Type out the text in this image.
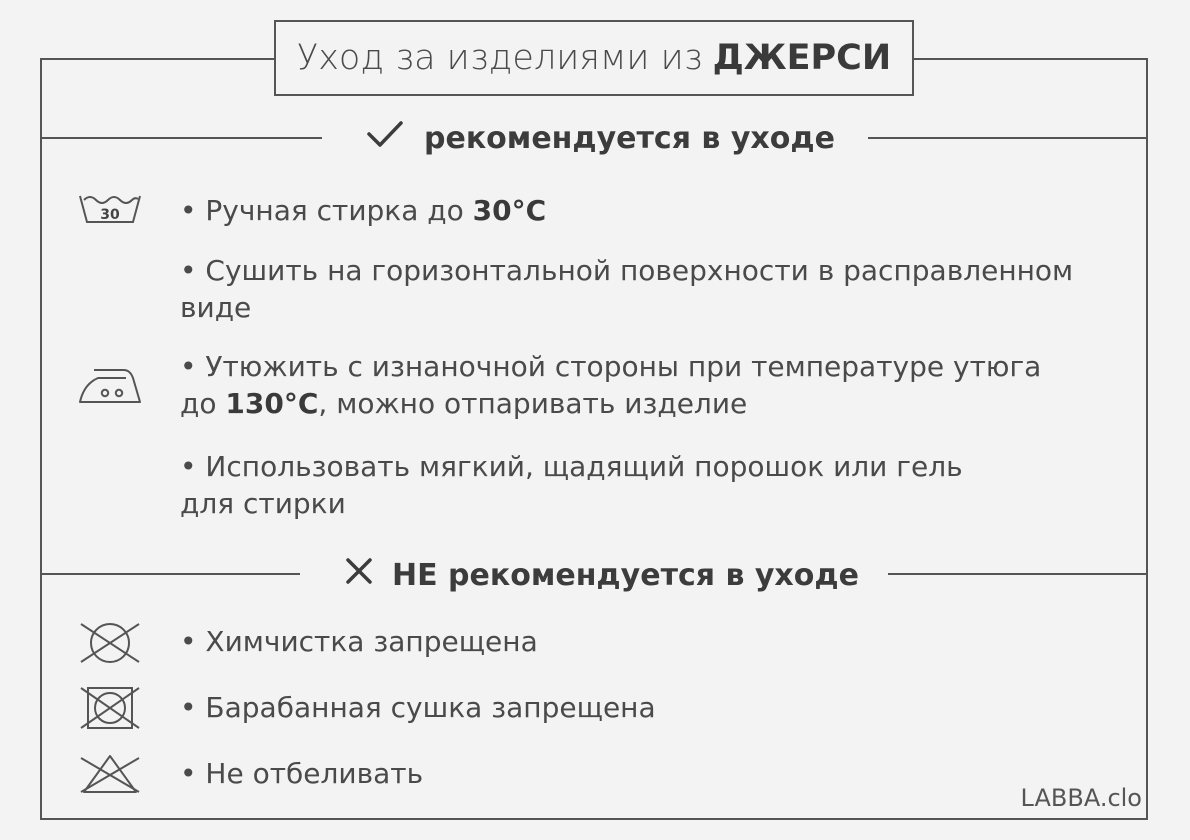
Уход за изделиями из ДЖЕРСИ
рекомендуется в уходе
30 • Ручная стирка до 30°C
• Сушить на горизонтальной поверхности в расправленном
виде
• Утюжить с изнаночной стороны при температуре утюга
до 130°C, можно отпаривать изделие
• Использовать мягкий, щадящий порошок или гель
для стирки
НЕ рекомендуется в уходе
• Химчистка запрещена
• Барабанная сушка запрещена
• Не отбеливать
LABBA.clo
